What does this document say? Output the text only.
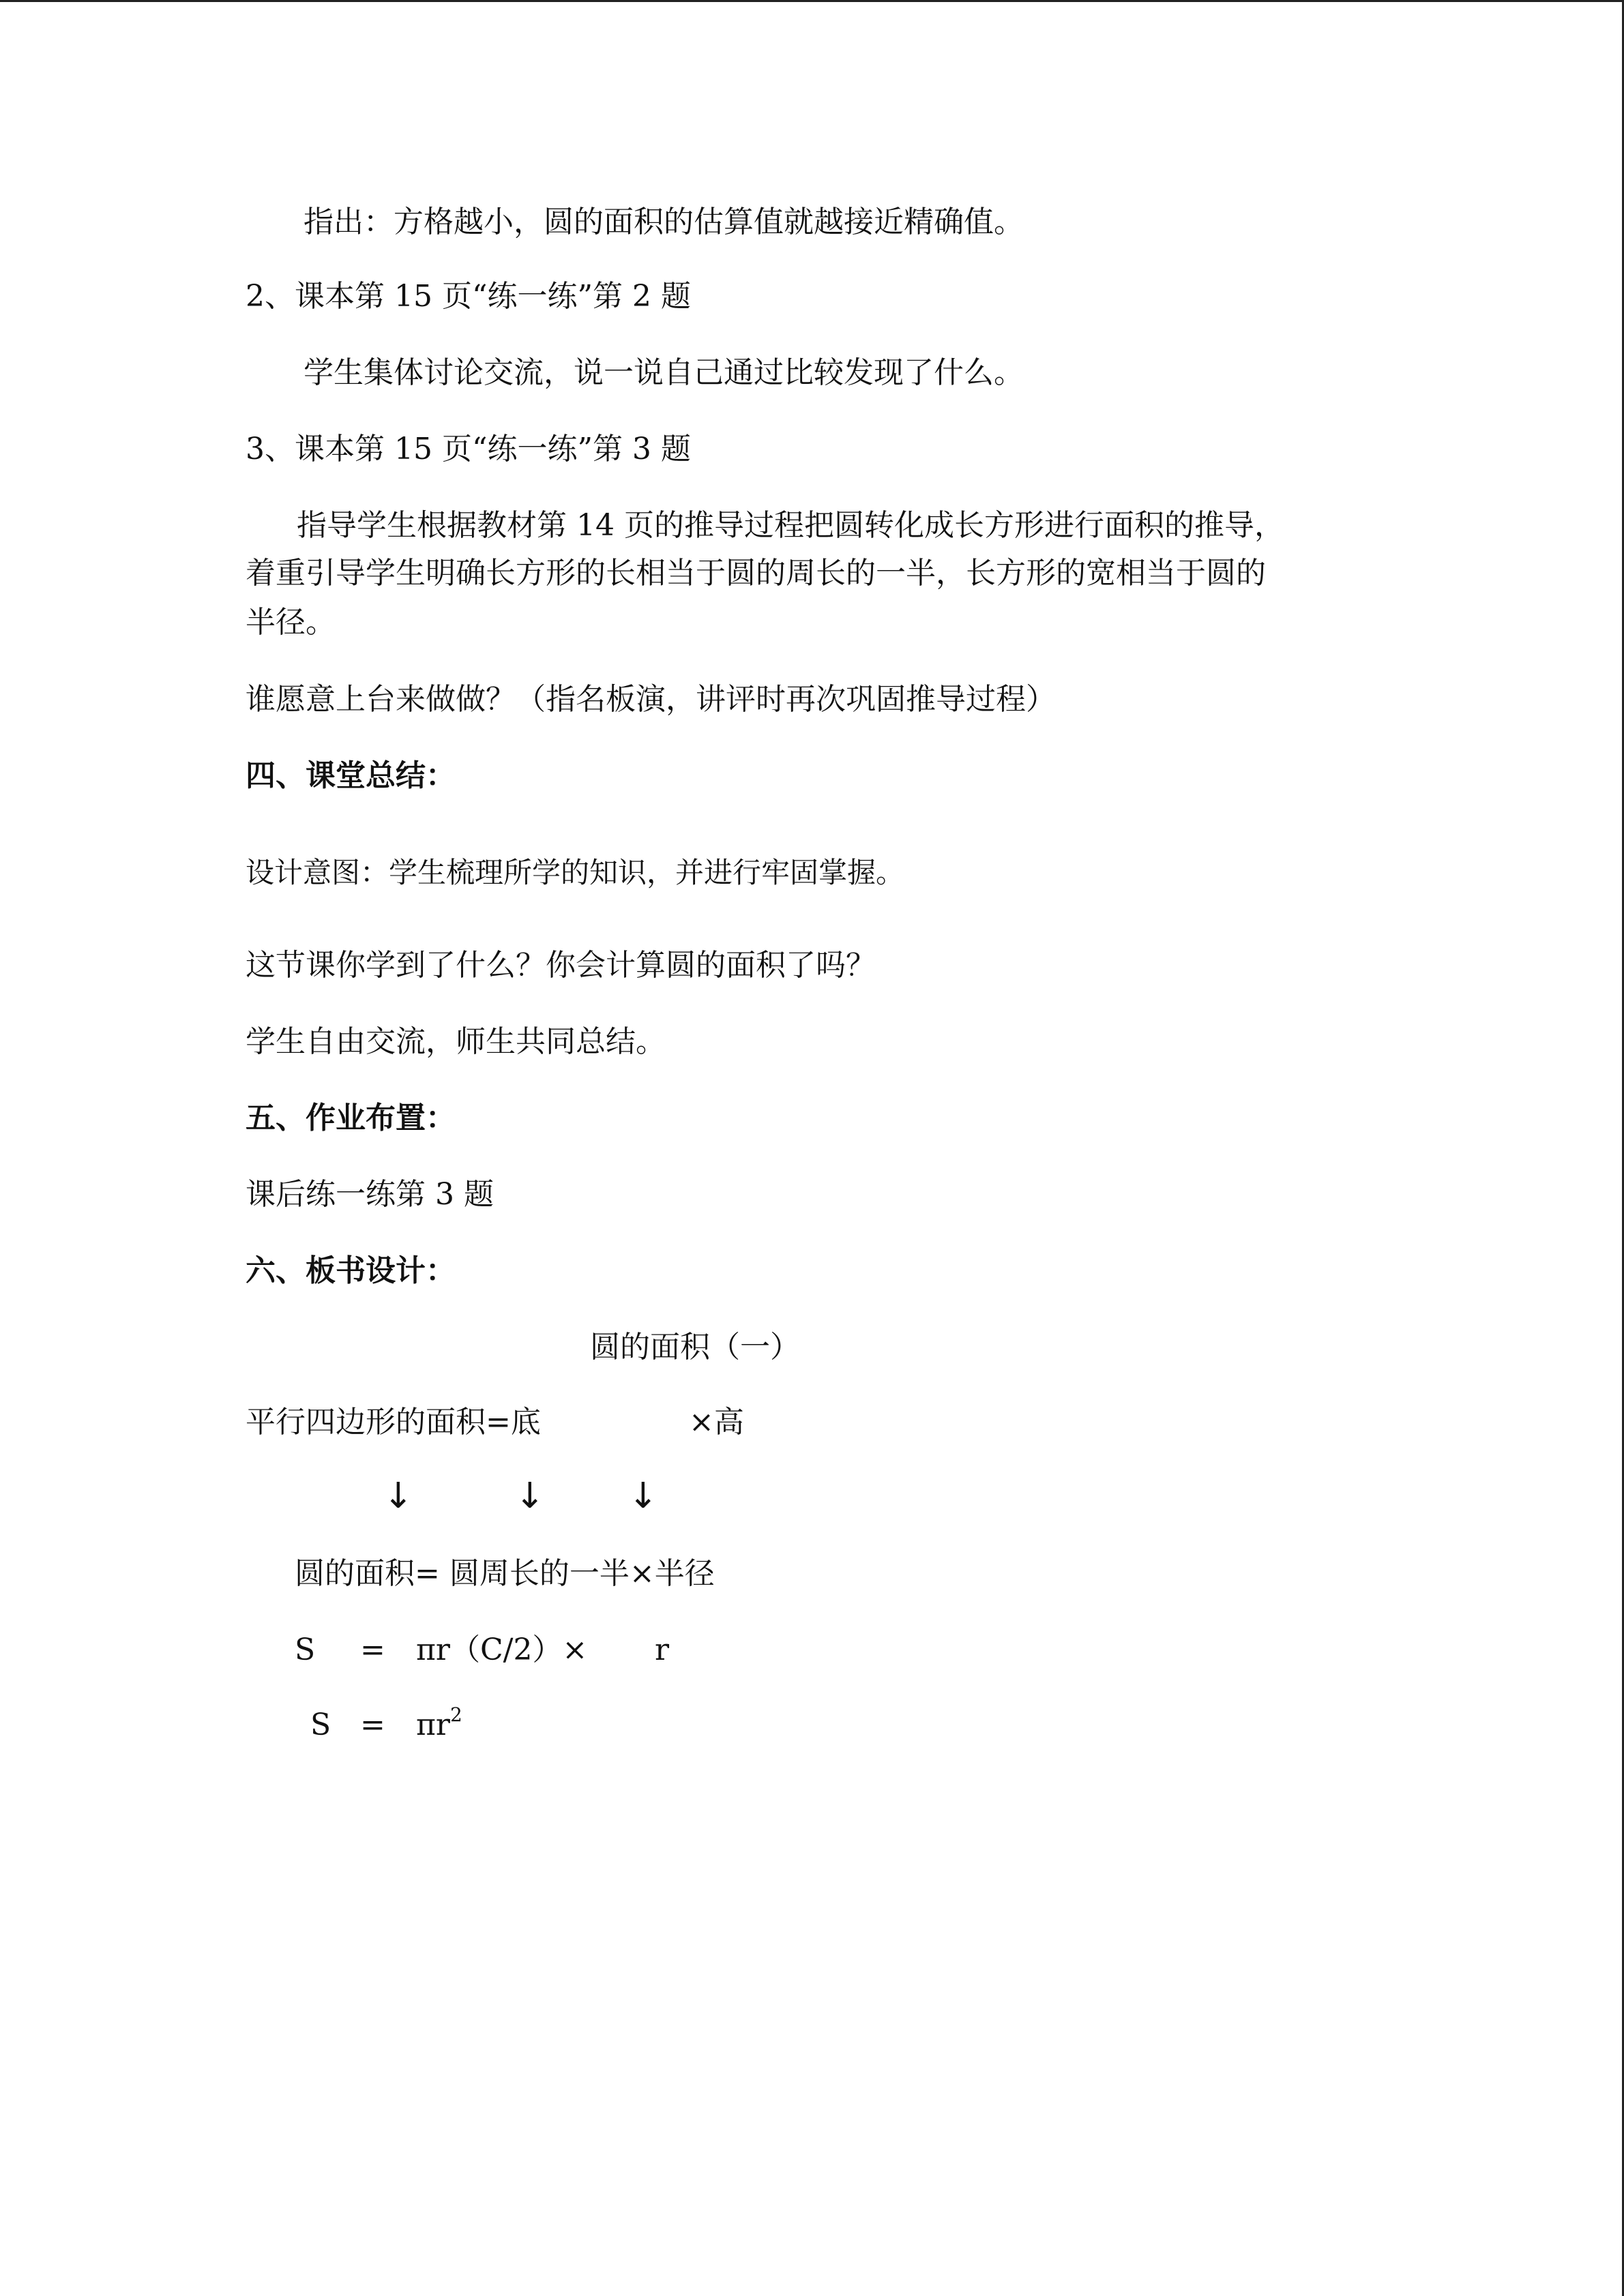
指出：方格越小，圆的面积的估算值就越接近精确值。
2、课本第 15 页“练一练”第 2 题
学生集体讨论交流，说一说自己通过比较发现了什么。
3、课本第 15 页“练一练”第 3 题
指导学生根据教材第 14 页的推导过程把圆转化成长方形进行面积的推导，
着重引导学生明确长方形的长相当于圆的周长的一半，长方形的宽相当于圆的
半径。
谁愿意上台来做做？（指名板演，讲评时再次巩固推导过程）
四、课堂总结：
设计意图：学生梳理所学的知识，并进行牢固掌握。
这节课你学到了什么？你会计算圆的面积了吗？
学生自由交流，师生共同总结。
五、作业布置：
课后练一练第 3 题
六、板书设计：
圆的面积（一）
平行四边形的面积=底	×高
↓	↓ ↓
圆的面积= 圆周长的一半×半径
S = πr（C/2）× r
$S = \pi r^2$
